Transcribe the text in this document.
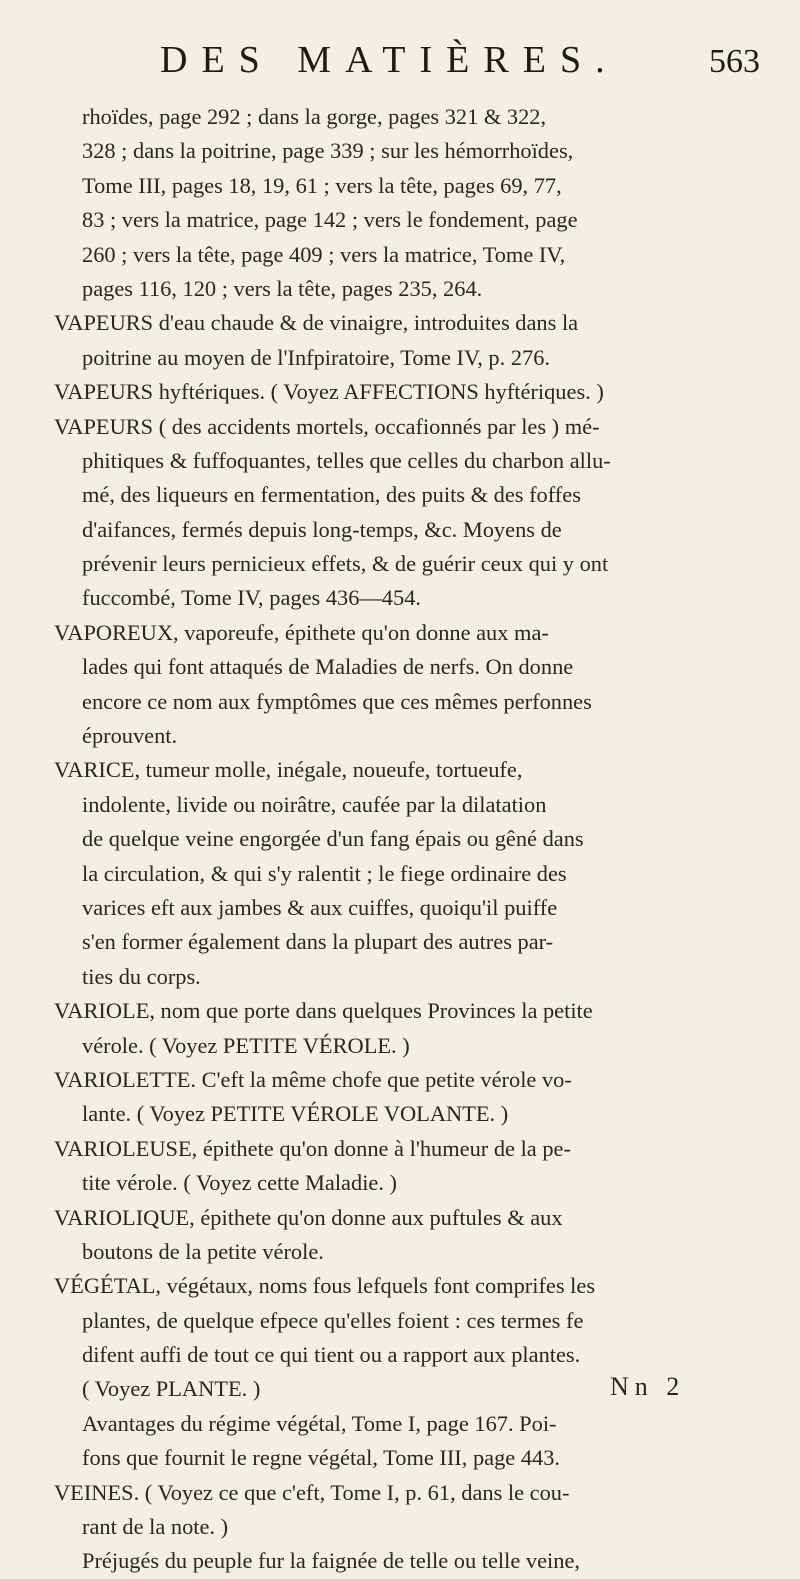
DES MATIÈRES.	563
rhoïdes, page 292 ; dans la gorge, pages 321 & 322,
328 ; dans la poitrine, page 339 ; sur les hémorrhoïdes,
Tome III, pages 18, 19, 61 ; vers la tête, pages 69, 77,
83 ; vers la matrice, page 142 ; vers le fondement, page
260 ; vers la tête, page 409 ; vers la matrice, Tome IV,
pages 116, 120 ; vers la tête, pages 235, 264.
VAPEURS d'eau chaude & de vinaigre, introduites dans la
poitrine au moyen de l'Infpiratoire, Tome IV, p. 276.
VAPEURS hyftériques. ( Voyez AFFECTIONS hyftériques. )
VAPEURS ( des accidents mortels, occafionnés par les ) mé-
phitiques & fuffoquantes, telles que celles du charbon allu-
mé, des liqueurs en fermentation, des puits & des foffes
d'aifances, fermés depuis long-temps, &c. Moyens de
prévenir leurs pernicieux effets, & de guérir ceux qui y ont
fuccombé, Tome IV, pages 436—454.
VAPOREUX, vaporeufe, épithete qu'on donne aux ma-
lades qui font attaqués de Maladies de nerfs. On donne
encore ce nom aux fymptômes que ces mêmes perfonnes
éprouvent.
VARICE, tumeur molle, inégale, noueufe, tortueufe,
indolente, livide ou noirâtre, caufée par la dilatation
de quelque veine engorgée d'un fang épais ou gêné dans
la circulation, & qui s'y ralentit ; le fiege ordinaire des
varices eft aux jambes & aux cuiffes, quoiqu'il puiffe
s'en former également dans la plupart des autres par-
ties du corps.
VARIOLE, nom que porte dans quelques Provinces la petite
vérole. ( Voyez PETITE VÉROLE. )
VARIOLETTE. C'eft la même chofe que petite vérole vo-
lante. ( Voyez PETITE VÉROLE VOLANTE. )
VARIOLEUSE, épithete qu'on donne à l'humeur de la pe-
tite vérole. ( Voyez cette Maladie. )
VARIOLIQUE, épithete qu'on donne aux puftules & aux
boutons de la petite vérole.
VÉGÉTAL, végétaux, noms fous lefquels font comprifes les
plantes, de quelque efpece qu'elles foient : ces termes fe
difent auffi de tout ce qui tient ou a rapport aux plantes.
( Voyez PLANTE. )
Avantages du régime végétal, Tome I, page 167. Poi-
fons que fournit le regne végétal, Tome III, page 443.
VEINES. ( Voyez ce que c'eft, Tome I, p. 61, dans le cou-
rant de la note. )
Préjugés du peuple fur la faignée de telle ou telle veine,
Nn 2
